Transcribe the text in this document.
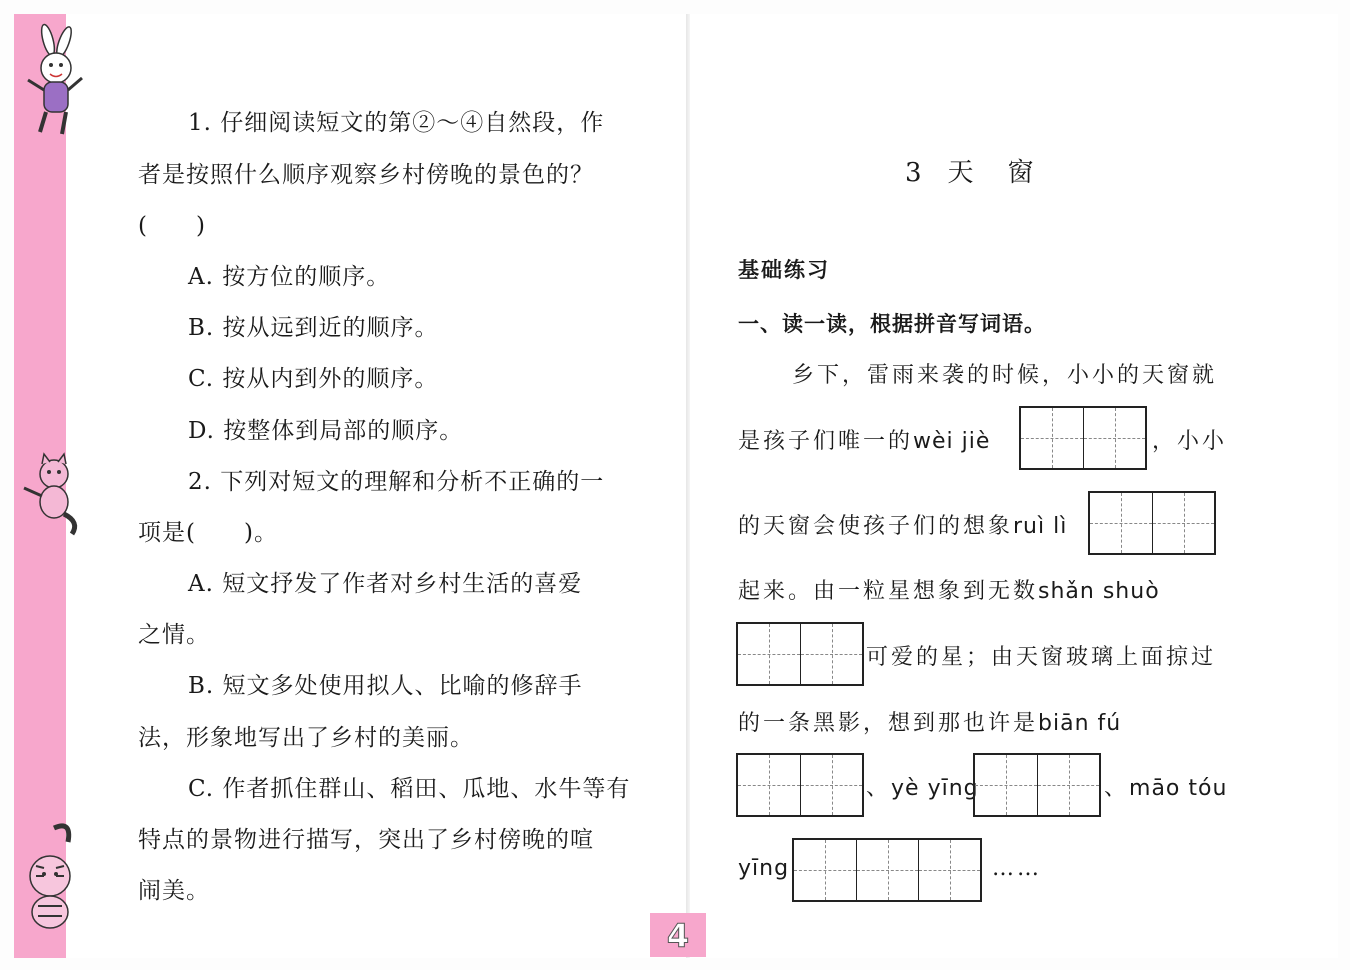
1. 仔细阅读短文的第②～④自然段，作
者是按照什么顺序观察乡村傍晚的景色的？
(　　)
A. 按方位的顺序。
B. 按从远到近的顺序。
C. 按从内到外的顺序。
D. 按整体到局部的顺序。
2. 下列对短文的理解和分析不正确的一
项是(　　)。
A. 短文抒发了作者对乡村生活的喜爱
之情。
B. 短文多处使用拟人、比喻的修辞手
法，形象地写出了乡村的美丽。
C. 作者抓住群山、稻田、瓜地、水牛等有
特点的景物进行描写，突出了乡村傍晚的喧
闹美。
3 天　窗
基础练习
一、读一读，根据拼音写词语。
乡下，雷雨来袭的时候，小小的天窗就
是孩子们唯一的wèi jiè	，小小
的天窗会使孩子们的想象ruì lì
起来。由一粒星想象到无数shǎn shuò
可爱的星；由天窗玻璃上面掠过
的一条黑影，想到那也许是biān fú
、yè yīng	、māo tóu
yīng	……
4
